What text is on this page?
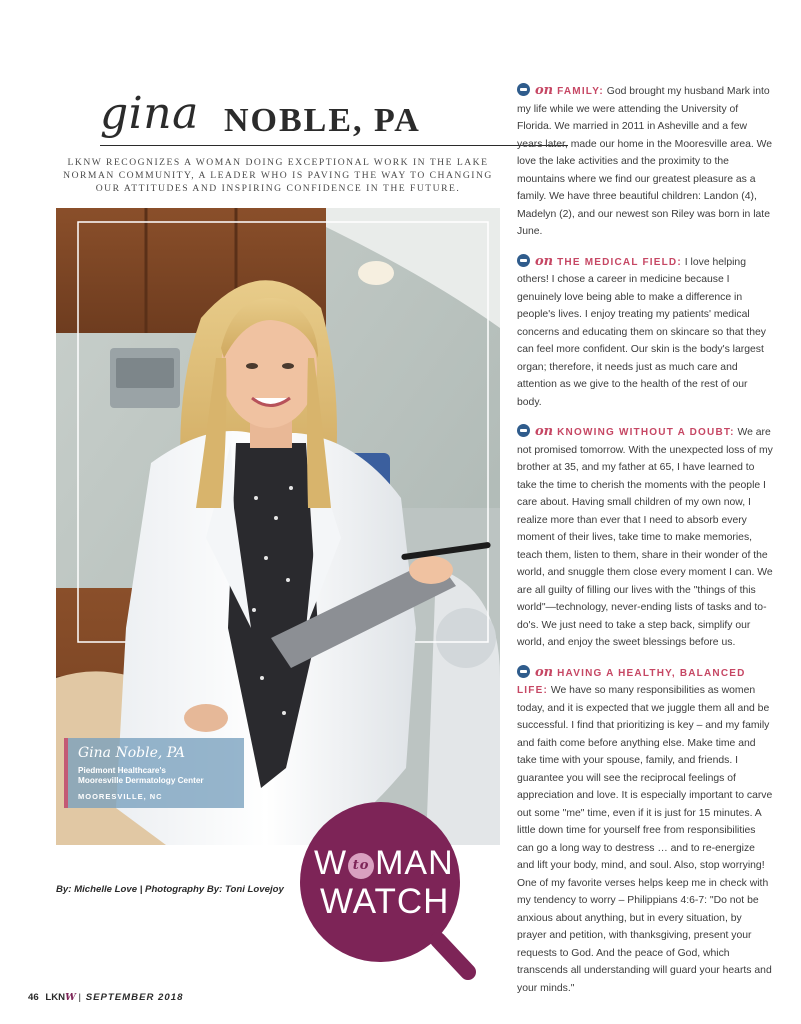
gina NOBLE, PA
LKNW RECOGNIZES A WOMAN DOING EXCEPTIONAL WORK IN THE LAKE NORMAN COMMUNITY, A LEADER WHO IS PAVING THE WAY TO CHANGING OUR ATTITUDES AND INSPIRING CONFIDENCE IN THE FUTURE.
Gina Noble, PA
Piedmont Healthcare's
Mooresville Dermatology Center
MOORESVILLE, NC
By: Michelle Love | Photography By: Toni Lovejoy
W to MAN
WATCH
46 LKNW | SEPTEMBER 2018

on FAMILY: God brought my husband Mark into my life while we were attending the University of Florida. We married in 2011 in Asheville and a few years later, made our home in the Mooresville area. We love the lake activities and the proximity to the mountains where we find our greatest pleasure as a family. We have three beautiful children: Landon (4), Madelyn (2), and our newest son Riley was born in late June.

on THE MEDICAL FIELD: I love helping others! I chose a career in medicine because I genuinely love being able to make a difference in people's lives. I enjoy treating my patients' medical concerns and educating them on skincare so that they can feel more confident. Our skin is the body's largest organ; therefore, it needs just as much care and attention as we give to the health of the rest of our body.

on KNOWING WITHOUT A DOUBT: We are not promised tomorrow. With the unexpected loss of my brother at 35, and my father at 65, I have learned to take the time to cherish the moments with the people I care about. Having small children of my own now, I realize more than ever that I need to absorb every moment of their lives, take time to make memories, teach them, listen to them, share in their wonder of the world, and snuggle them close every moment I can. We are all guilty of filling our lives with the "things of this world"—technology, never-ending lists of tasks and to-do's. We just need to take a step back, simplify our world, and enjoy the sweet blessings before us.

on HAVING A HEALTHY, BALANCED LIFE: We have so many responsibilities as women today, and it is expected that we juggle them all and be successful. I find that prioritizing is key – and my family and faith come before anything else. Make time and take time with your spouse, family, and friends. I guarantee you will see the reciprocal feelings of appreciation and love. It is especially important to carve out some "me" time, even if it is just for 15 minutes. A little down time for yourself free from responsibilities can go a long way to destress … and to re-energize and lift your body, mind, and soul. Also, stop worrying! One of my favorite verses helps keep me in check with my tendency to worry – Philippians 4:6-7: "Do not be anxious about anything, but in every situation, by prayer and petition, with thanksgiving, present your requests to God. And the peace of God, which transcends all understanding will guard your hearts and your minds."
